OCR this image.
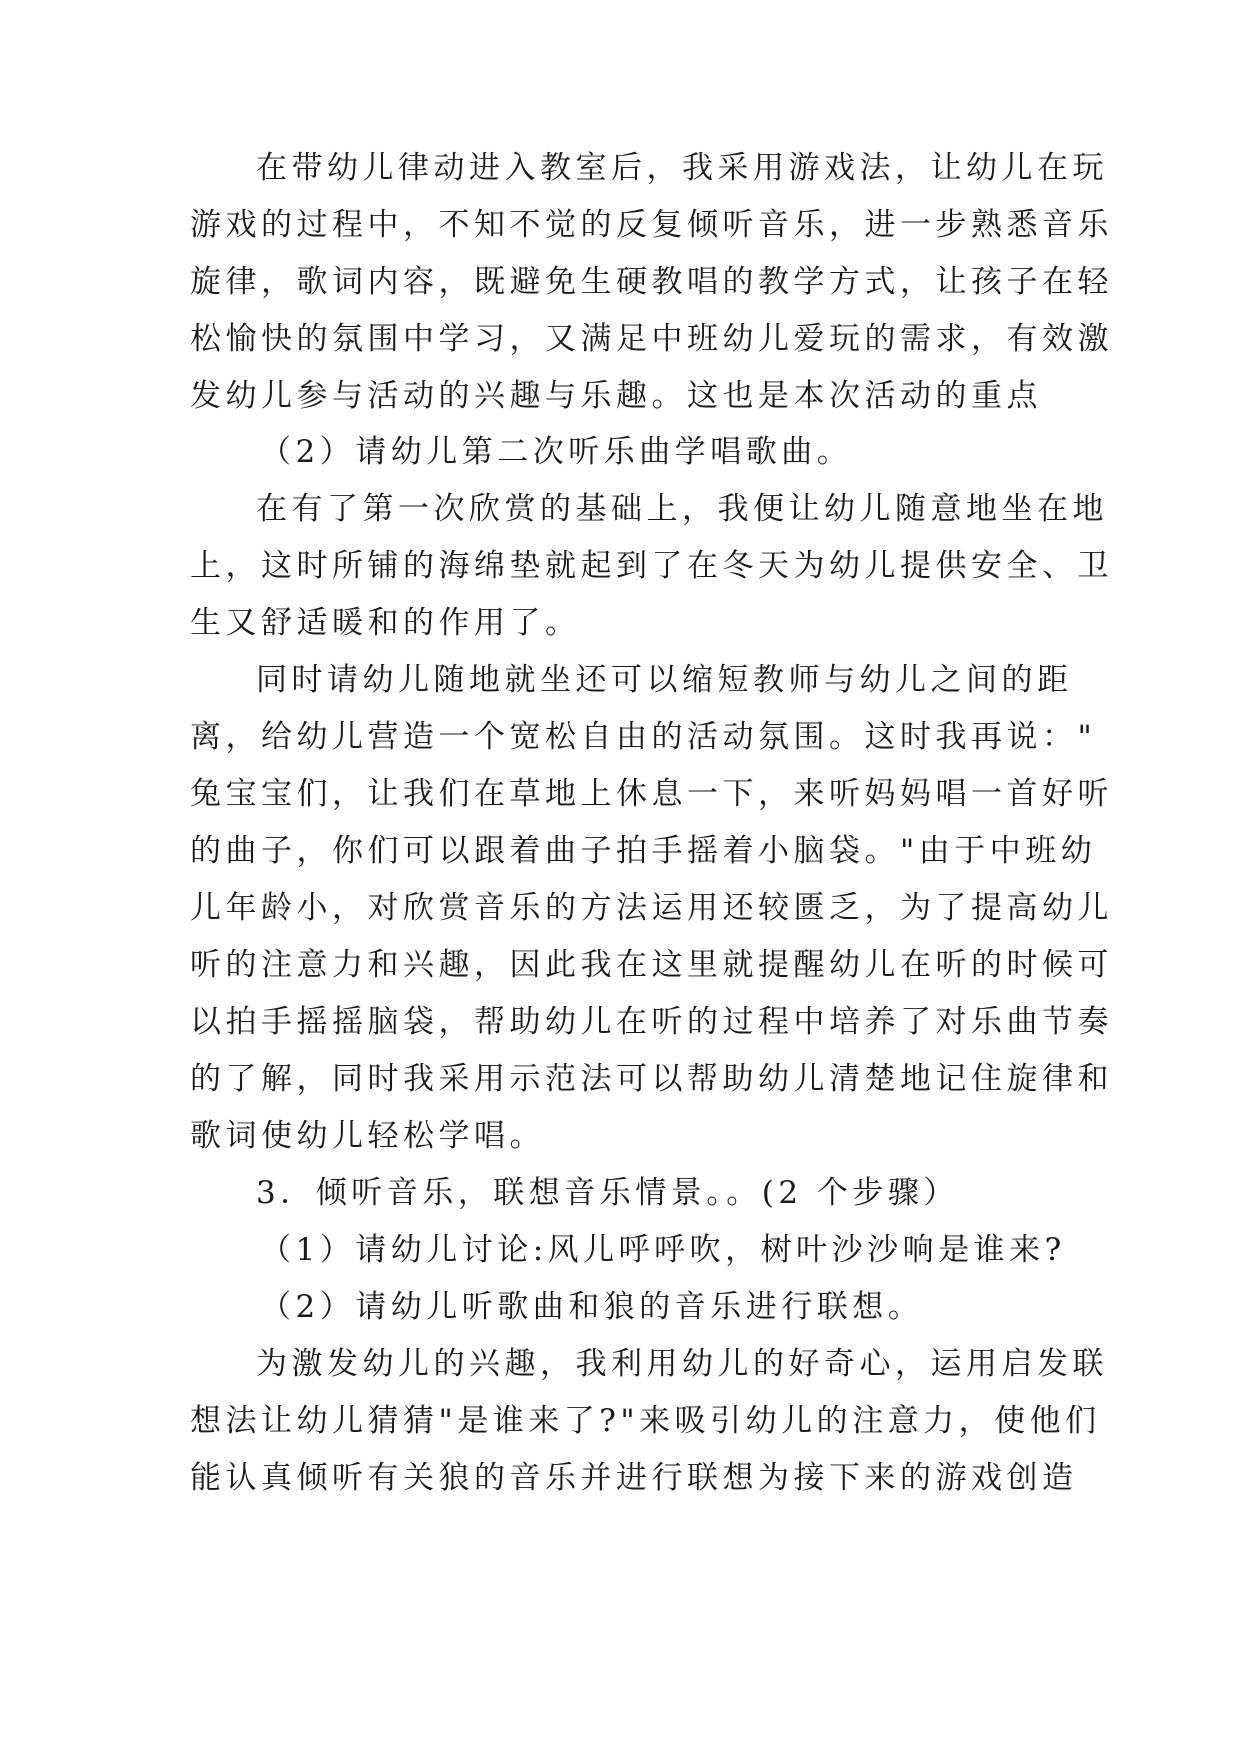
在带幼儿律动进入教室后，我采用游戏法，让幼儿在玩
游戏的过程中，不知不觉的反复倾听音乐，进一步熟悉音乐
旋律，歌词内容，既避免生硬教唱的教学方式，让孩子在轻
松愉快的氛围中学习，又满足中班幼儿爱玩的需求，有效激
发幼儿参与活动的兴趣与乐趣。这也是本次活动的重点
（2）请幼儿第二次听乐曲学唱歌曲。
在有了第一次欣赏的基础上，我便让幼儿随意地坐在地
上，这时所铺的海绵垫就起到了在冬天为幼儿提供安全、卫
生又舒适暖和的作用了。
同时请幼儿随地就坐还可以缩短教师与幼儿之间的距
离，给幼儿营造一个宽松自由的活动氛围。这时我再说："
兔宝宝们，让我们在草地上休息一下，来听妈妈唱一首好听
的曲子，你们可以跟着曲子拍手摇着小脑袋。"由于中班幼
儿年龄小，对欣赏音乐的方法运用还较匮乏，为了提高幼儿
听的注意力和兴趣，因此我在这里就提醒幼儿在听的时候可
以拍手摇摇脑袋，帮助幼儿在听的过程中培养了对乐曲节奏
的了解，同时我采用示范法可以帮助幼儿清楚地记住旋律和
歌词使幼儿轻松学唱。
3．倾听音乐，联想音乐情景。。(2 个步骤）
（1）请幼儿讨论:风儿呼呼吹，树叶沙沙响是谁来?
（2）请幼儿听歌曲和狼的音乐进行联想。
为激发幼儿的兴趣，我利用幼儿的好奇心，运用启发联
想法让幼儿猜猜"是谁来了?"来吸引幼儿的注意力，使他们
能认真倾听有关狼的音乐并进行联想为接下来的游戏创造
